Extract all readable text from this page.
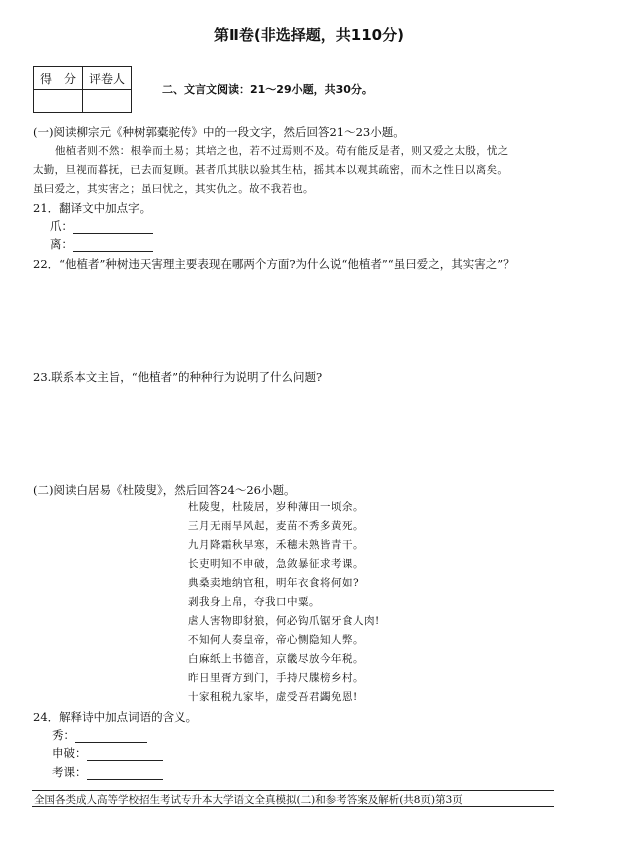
第Ⅱ卷(非选择题，共110分)
得　分	评卷人

二、文言文阅读：21～29小题，共30分。
(一)阅读柳宗元《种树郭橐驼传》中的一段文字，然后回答21～23小题。
他植者则不然：根拳而土易；其培之也，若不过焉则不及。苟有能反是者，则又爱之太殷，忧之
太勤，旦视而暮抚，已去而复顾。甚者爪其肤以验其生枯，摇其本以观其疏密，而木之性日以离矣。
虽曰爱之，其实害之；虽曰忧之，其实仇之。故不我若也。
21．翻译文中加点字。
爪：
离：
22．“他植者”种树违天害理主要表现在哪两个方面?为什么说“他植者”“虽曰爱之，其实害之”？
23.联系本文主旨，“他植者”的种种行为说明了什么问题?
(二)阅读白居易《杜陵叟》，然后回答24～26小题。
杜陵叟，杜陵居，岁种薄田一顷余。
三月无雨旱风起，麦苗不秀多黄死。
九月降霜秋早寒，禾穗未熟皆青干。
长吏明知不申破，急敛暴征求考课。
典桑卖地纳官租，明年衣食将何如?
剥我身上帛，夺我口中粟。
虐人害物即豺狼，何必钩爪锯牙食人肉!
不知何人奏皇帝，帝心恻隐知人弊。
白麻纸上书德音，京畿尽放今年税。
昨日里胥方到门，手持尺牒榜乡村。
十家租税九家毕，虚受吾君蠲免恩!
24．解释诗中加点词语的含义。
秀：
申破：
考课：
全国各类成人高等学校招生考试专升本大学语文全真模拟(二)和参考答案及解析(共8页)第3页
